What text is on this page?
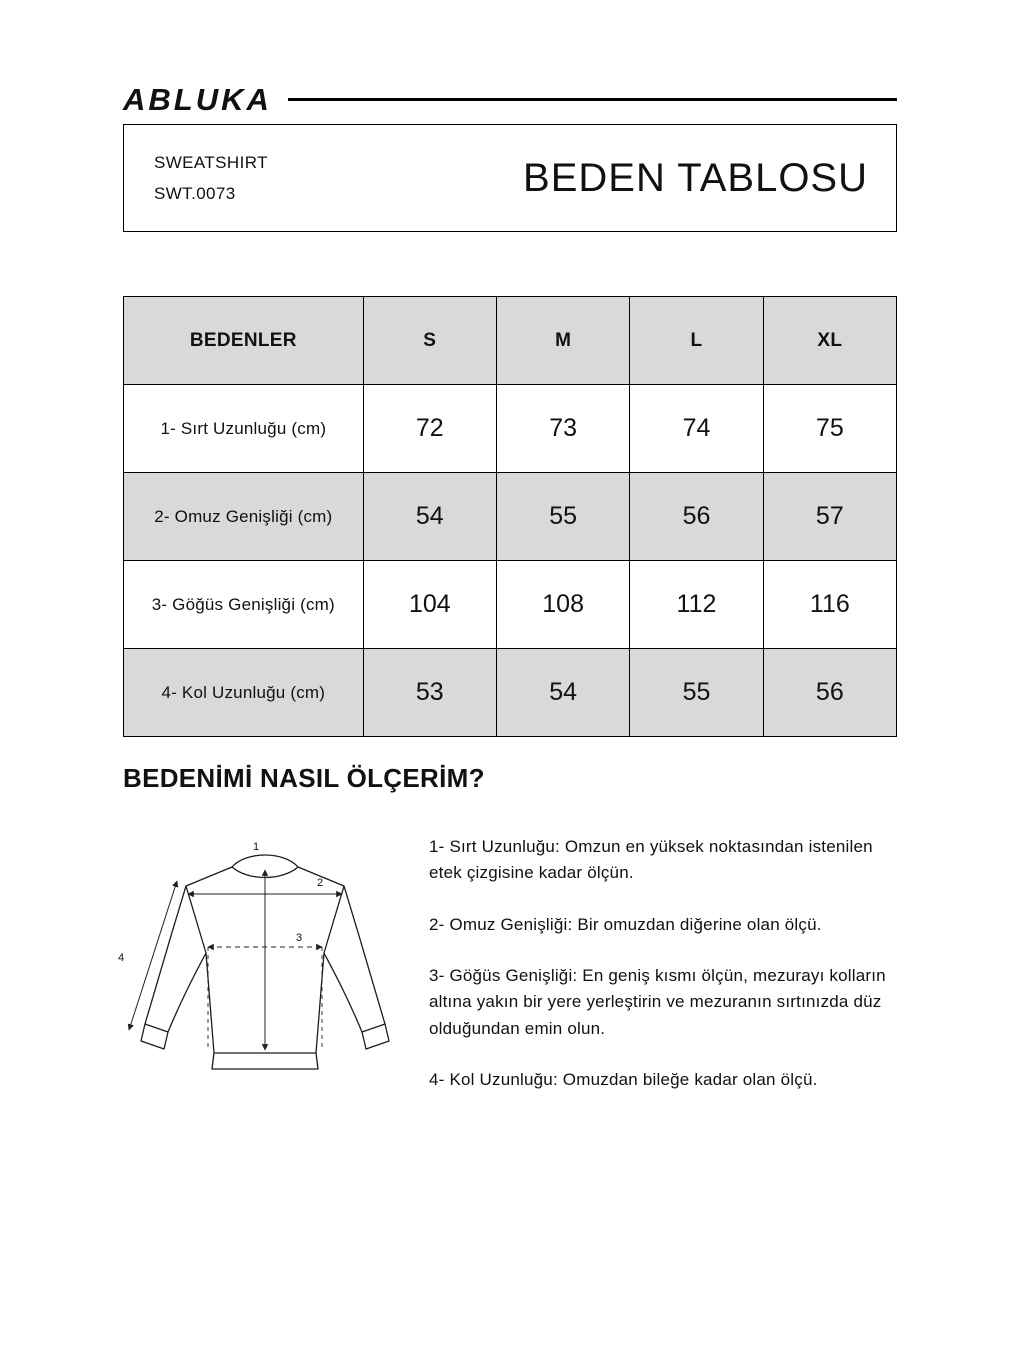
ABLUKA
SWEATSHIRT
SWT.0073	BEDEN TABLOSU
BEDENLER	S	M	L	XL
1- Sırt Uzunluğu (cm)	72	73	74	75
2- Omuz Genişliği (cm)	54	55	56	57
3- Göğüs Genişliği (cm)	104	108	112	116
4- Kol Uzunluğu (cm)	53	54	55	56
BEDENİMİ NASIL ÖLÇERİM?
1
2
3
4

1- Sırt Uzunluğu: Omzun en yüksek noktasından istenilen etek çizgisine kadar ölçün.

2- Omuz Genişliği: Bir omuzdan diğerine olan ölçü.

3- Göğüs Genişliği: En geniş kısmı ölçün, mezurayı kolların altına yakın bir yere yerleştirin ve mezuranın sırtınızda düz olduğundan emin olun.

4- Kol Uzunluğu: Omuzdan bileğe kadar olan ölçü.
